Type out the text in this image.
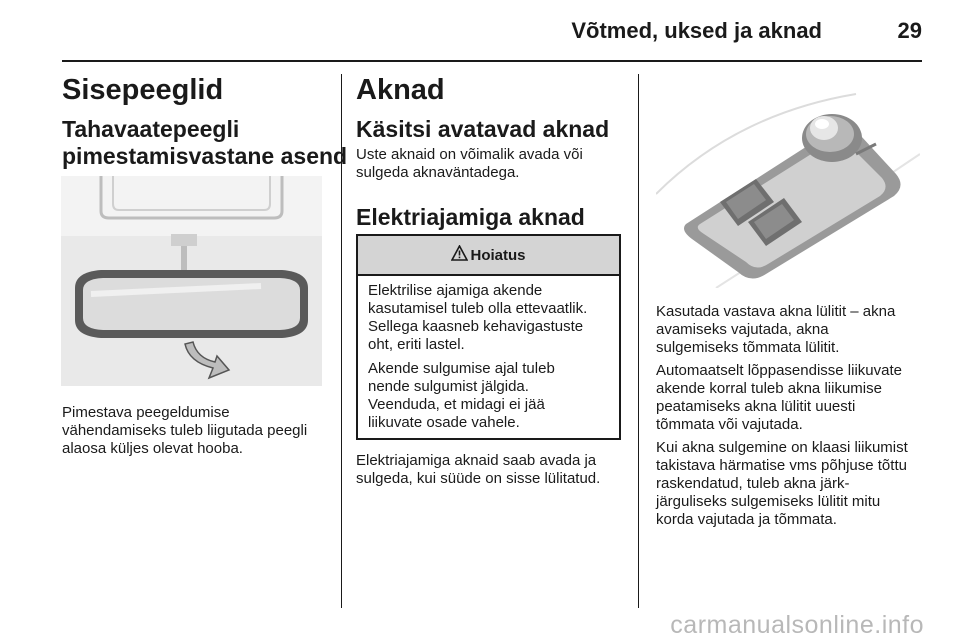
Võtmed, uksed ja aknad	29
Sisepeeglid
Tahavaatepeegli
pimestamisvastane asend

Pimestava peegeldumise

vähendamiseks tuleb liigutada peegli

alaosa küljes olevat hooba.

Aknad
Käsitsi avatavad aknad

Uste aknaid on võimalik avada või

sulgeda aknaväntadega.

Elektriajamiga aknad
Hoiatus

Elektrilise ajamiga akende
kasutamisel tuleb olla ettevaatlik.
Sellega kaasneb kehavigastuste
oht, eriti lastel.

Akende sulgumise ajal tuleb
nende sulgumist jälgida.
Veenduda, et midagi ei jää
liikuvate osade vahele.

Elektriajamiga aknaid saab avada ja

sulgeda, kui süüde on sisse lülitatud.

Kasutada vastava akna lülitit – akna

avamiseks vajutada, akna

sulgemiseks tõmmata lülitit.

Automaatselt lõppasendisse liikuvate

akende korral tuleb akna liikumise

peatamiseks akna lülitit uuesti

tõmmata või vajutada.

Kui akna sulgemine on klaasi liikumist

takistava härmatise vms põhjuse tõttu

raskendatud, tuleb akna järk-

järguliseks sulgemiseks lülitit mitu

korda vajutada ja tõmmata.

carmanualsonline.info
